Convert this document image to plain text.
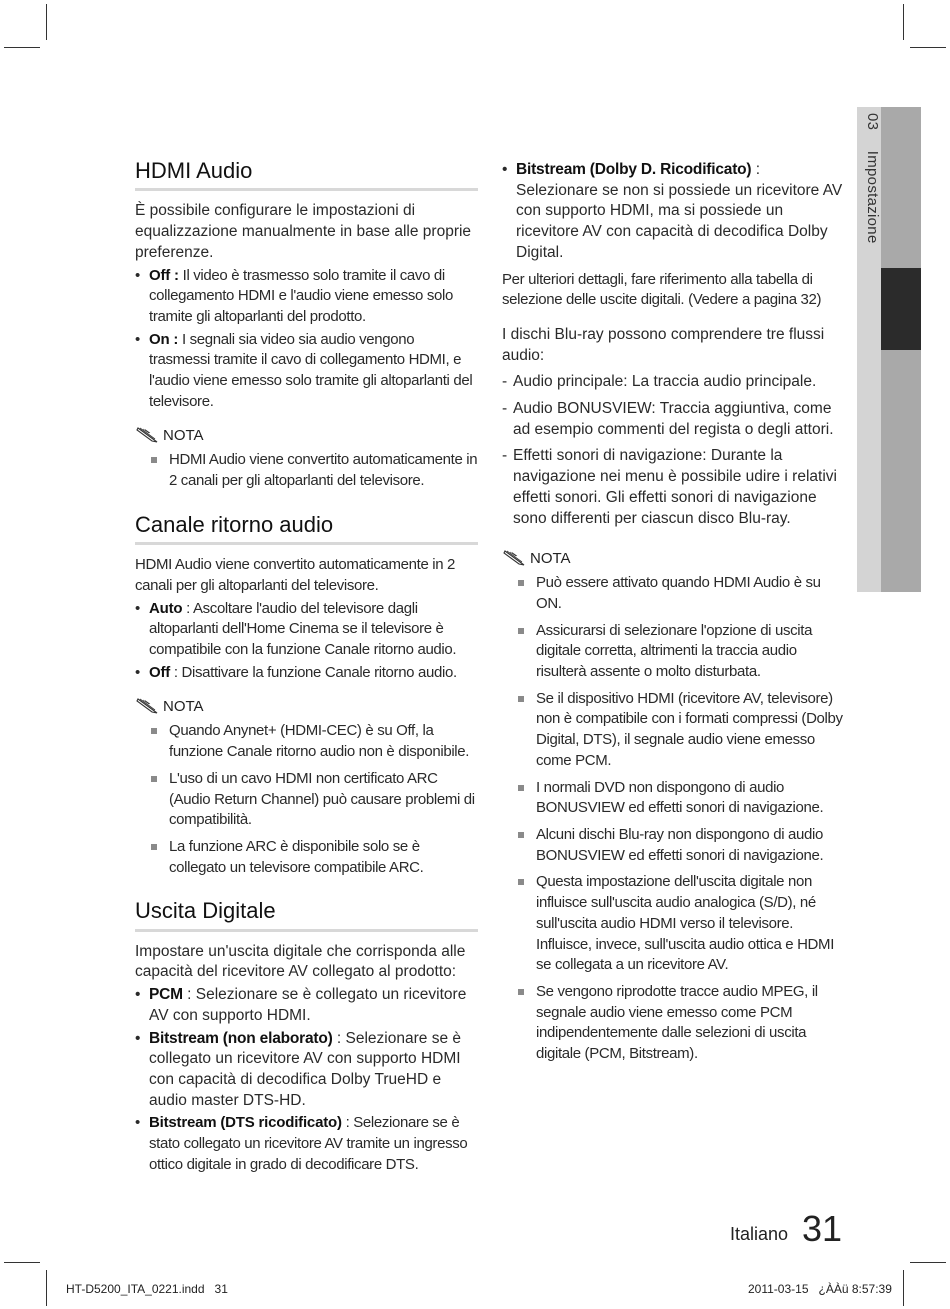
03 Impostazione
HDMI Audio

È possibile configurare le impostazioni di equalizzazione manualmente in base alle proprie preferenze.

• Off : Il video è trasmesso solo tramite il cavo di collegamento HDMI e l'audio viene emesso solo tramite gli altoparlanti del prodotto.
• On : I segnali sia video sia audio vengono trasmessi tramite il cavo di collegamento HDMI, e l'audio viene emesso solo tramite gli altoparlanti del televisore.
NOTA
HDMI Audio viene convertito automaticamente in 2 canali per gli altoparlanti del televisore.
Canale ritorno audio

HDMI Audio viene convertito automaticamente in 2 canali per gli altoparlanti del televisore.

• Auto : Ascoltare l'audio del televisore dagli altoparlanti dell'Home Cinema se il televisore è compatibile con la funzione Canale ritorno audio.
• Off : Disattivare la funzione Canale ritorno audio.
NOTA
Quando Anynet+ (HDMI-CEC) è su Off, la funzione Canale ritorno audio non è disponibile.
L'uso di un cavo HDMI non certificato ARC (Audio Return Channel) può causare problemi di compatibilità.
La funzione ARC è disponibile solo se è collegato un televisore compatibile ARC.
Uscita Digitale

Impostare un'uscita digitale che corrisponda alle capacità del ricevitore AV collegato al prodotto:

• PCM : Selezionare se è collegato un ricevitore AV con supporto HDMI.
• Bitstream (non elaborato) : Selezionare se è collegato un ricevitore AV con supporto HDMI con capacità di decodifica Dolby TrueHD e audio master DTS-HD.
• Bitstream (DTS ricodificato) : Selezionare se è stato collegato un ricevitore AV tramite un ingresso ottico digitale in grado di decodificare DTS.
• Bitstream (Dolby D. Ricodificato) : Selezionare se non si possiede un ricevitore AV con supporto HDMI, ma si possiede un ricevitore AV con capacità di decodifica Dolby Digital.

Per ulteriori dettagli, fare riferimento alla tabella di selezione delle uscite digitali. (Vedere a pagina 32)

I dischi Blu-ray possono comprendere tre flussi audio:

- Audio principale: La traccia audio principale.
- Audio BONUSVIEW: Traccia aggiuntiva, come ad esempio commenti del regista o degli attori.
- Effetti sonori di navigazione: Durante la navigazione nei menu è possibile udire i relativi effetti sonori. Gli effetti sonori di navigazione sono differenti per ciascun disco Blu-ray.
NOTA
Può essere attivato quando HDMI Audio è su ON.
Assicurarsi di selezionare l'opzione di uscita digitale corretta, altrimenti la traccia audio risulterà assente o molto disturbata.
Se il dispositivo HDMI (ricevitore AV, televisore) non è compatibile con i formati compressi (Dolby Digital, DTS), il segnale audio viene emesso come PCM.
I normali DVD non dispongono di audio BONUSVIEW ed effetti sonori di navigazione.
Alcuni dischi Blu-ray non dispongono di audio BONUSVIEW ed effetti sonori di navigazione.
Questa impostazione dell'uscita digitale non influisce sull'uscita audio analogica (S/D), né sull'uscita audio HDMI verso il televisore. Influisce, invece, sull'uscita audio ottica e HDMI se collegata a un ricevitore AV.
Se vengono riprodotte tracce audio MPEG, il segnale audio viene emesso come PCM indipendentemente dalle selezioni di uscita digitale (PCM, Bitstream).
Italiano 31
HT-D5200_ITA_0221.indd   31	2011-03-15   ¿ÀÀü 8:57:39
